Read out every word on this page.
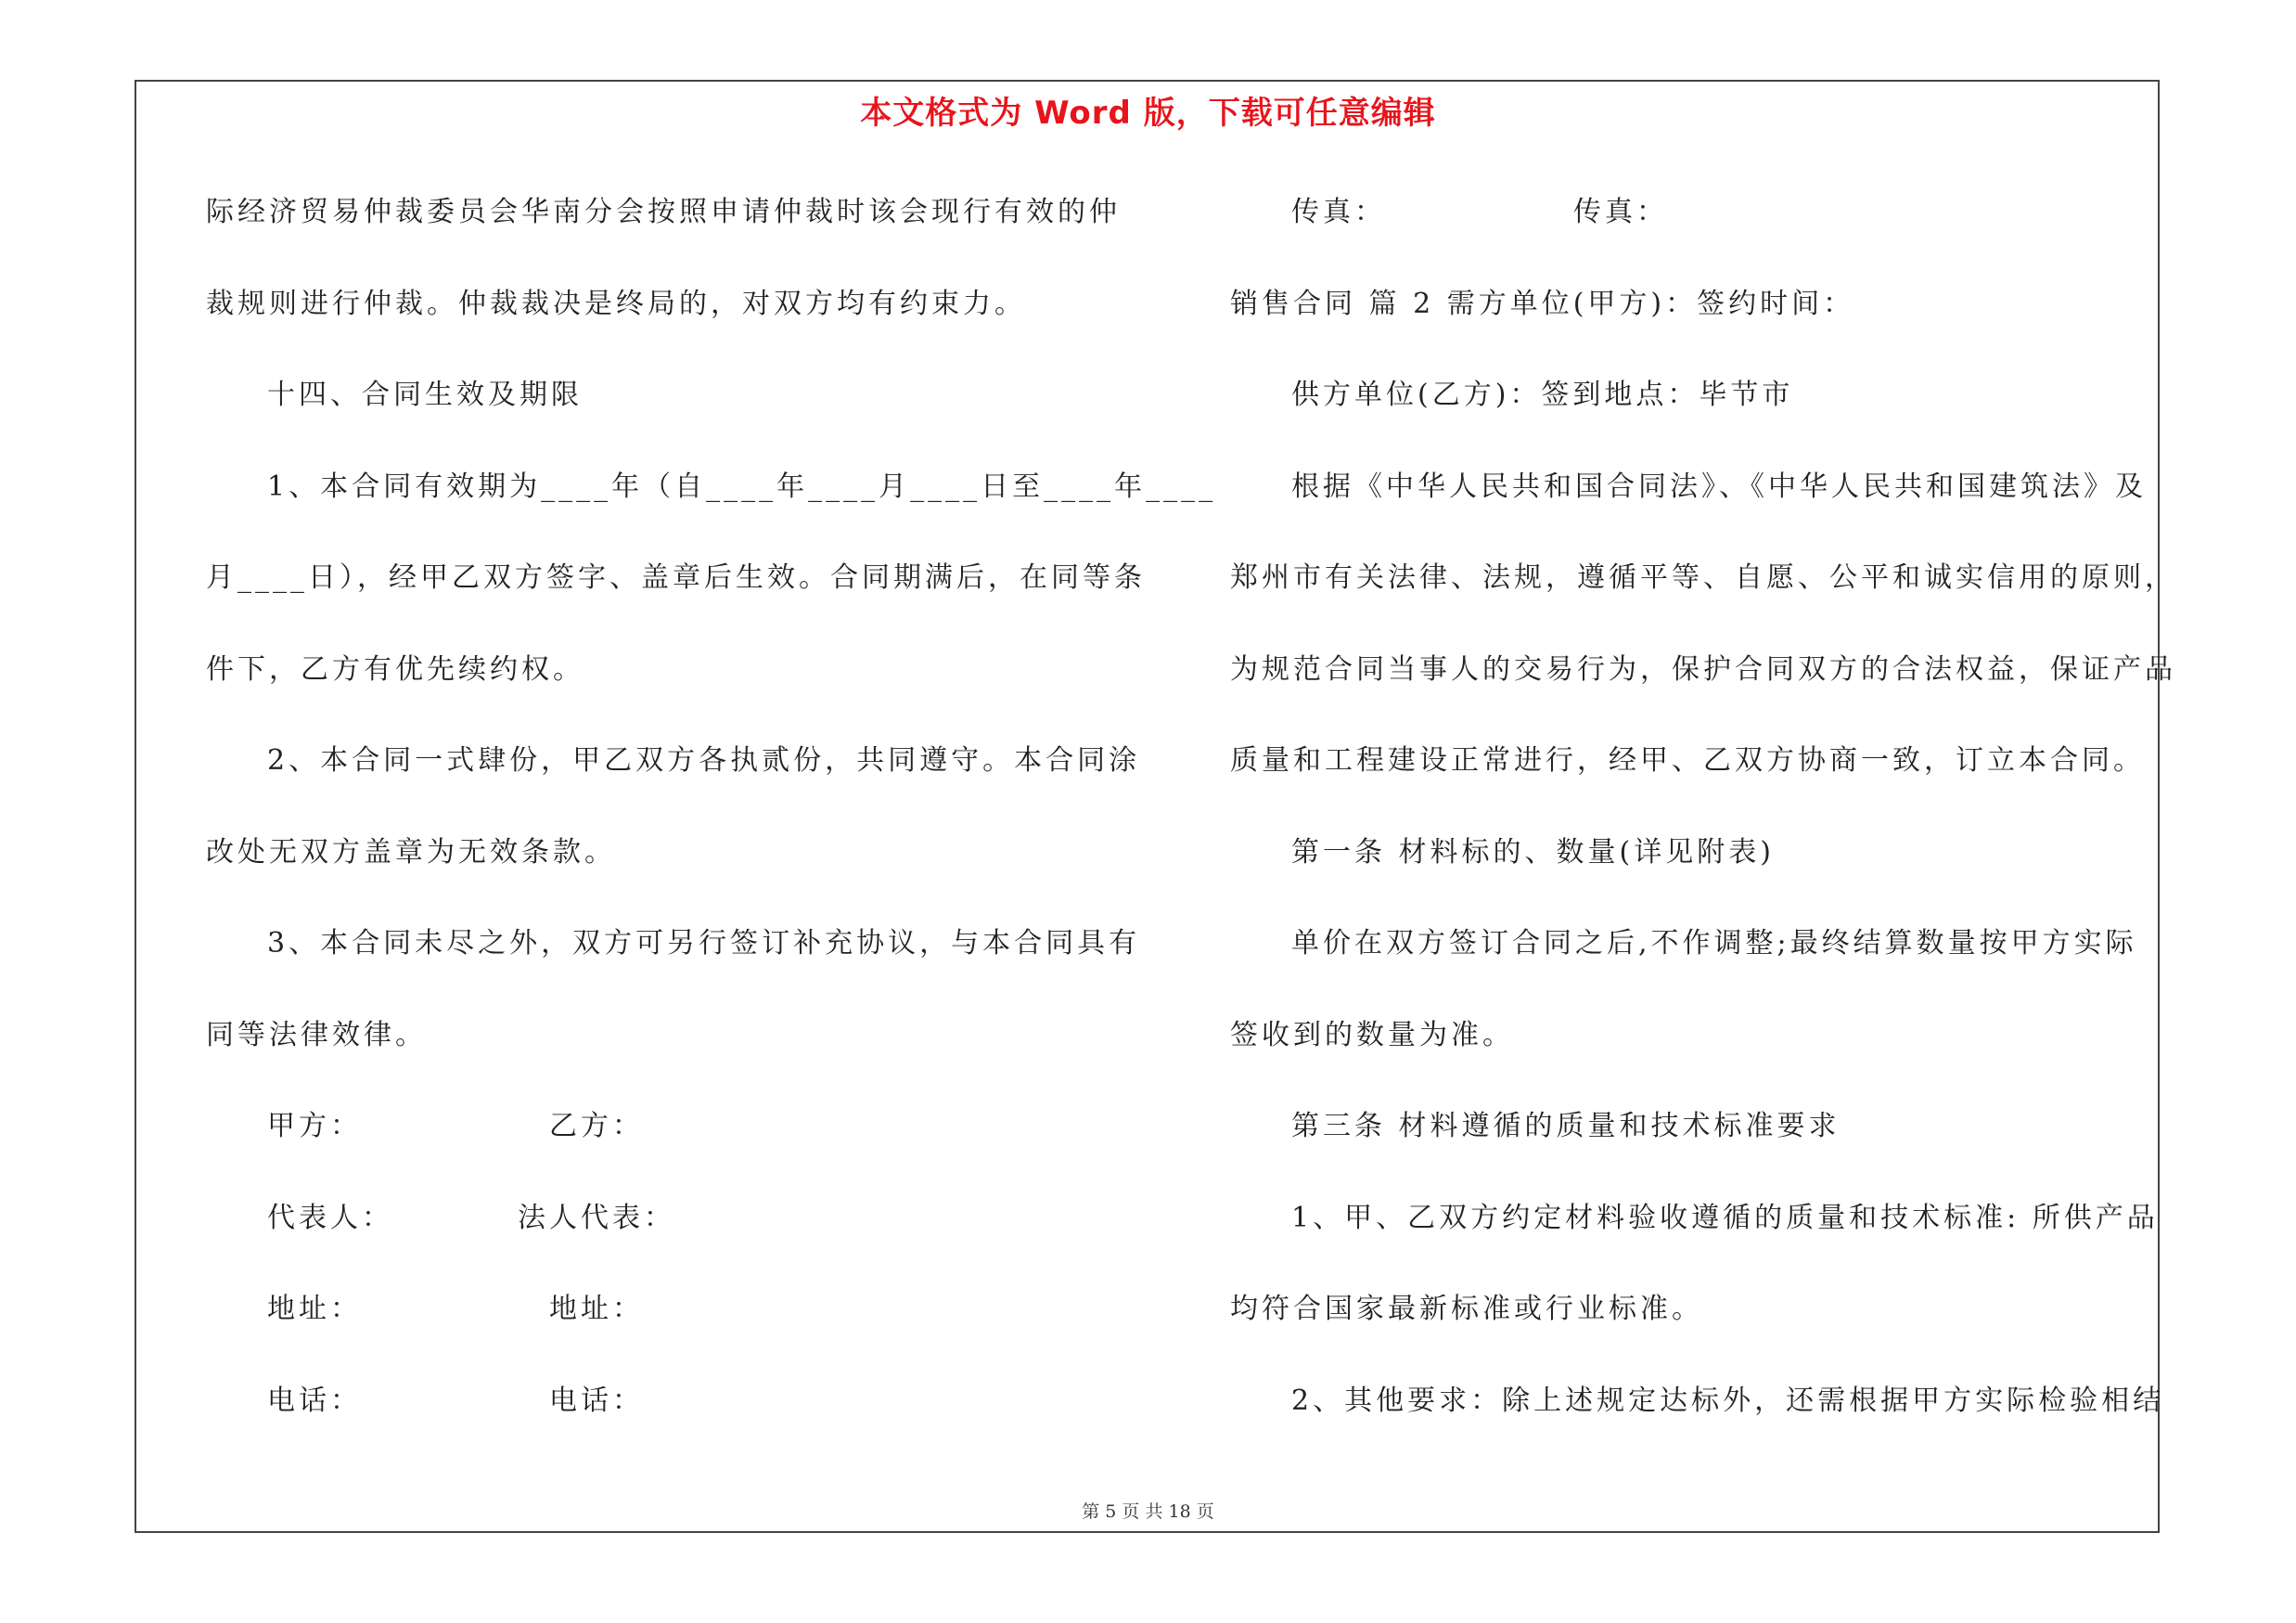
本文格式为 Word 版，下载可任意编辑
际经济贸易仲裁委员会华南分会按照申请仲裁时该会现行有效的仲
裁规则进行仲裁。仲裁裁决是终局的，对双方均有约束力。
十四、合同生效及期限
1、本合同有效期为____年（自____年____月____日至____年____
月____日），经甲乙双方签字、盖章后生效。合同期满后，在同等条
件下，乙方有优先续约权。
2、本合同一式肆份，甲乙双方各执贰份，共同遵守。本合同涂
改处无双方盖章为无效条款。
3、本合同未尽之外，双方可另行签订补充协议，与本合同具有
同等法律效律。
甲方：	乙方：
代表人：	法人代表：
地址：	地址：
电话：	电话：
传真：	传真：
销售合同 篇 2 需方单位(甲方)：签约时间：
供方单位(乙方)：签到地点：毕节市
根据《中华人民共和国合同法》、《中华人民共和国建筑法》及
郑州市有关法律、法规，遵循平等、自愿、公平和诚实信用的原则，
为规范合同当事人的交易行为，保护合同双方的合法权益，保证产品
质量和工程建设正常进行，经甲、乙双方协商一致，订立本合同。
第一条 材料标的、数量(详见附表)
单价在双方签订合同之后,不作调整;最终结算数量按甲方实际
签收到的数量为准。
第三条 材料遵循的质量和技术标准要求
1、甲、乙双方约定材料验收遵循的质量和技术标准: 所供产品
均符合国家最新标准或行业标准。
2、其他要求：除上述规定达标外，还需根据甲方实际检验相结
第 5 页 共 18 页
